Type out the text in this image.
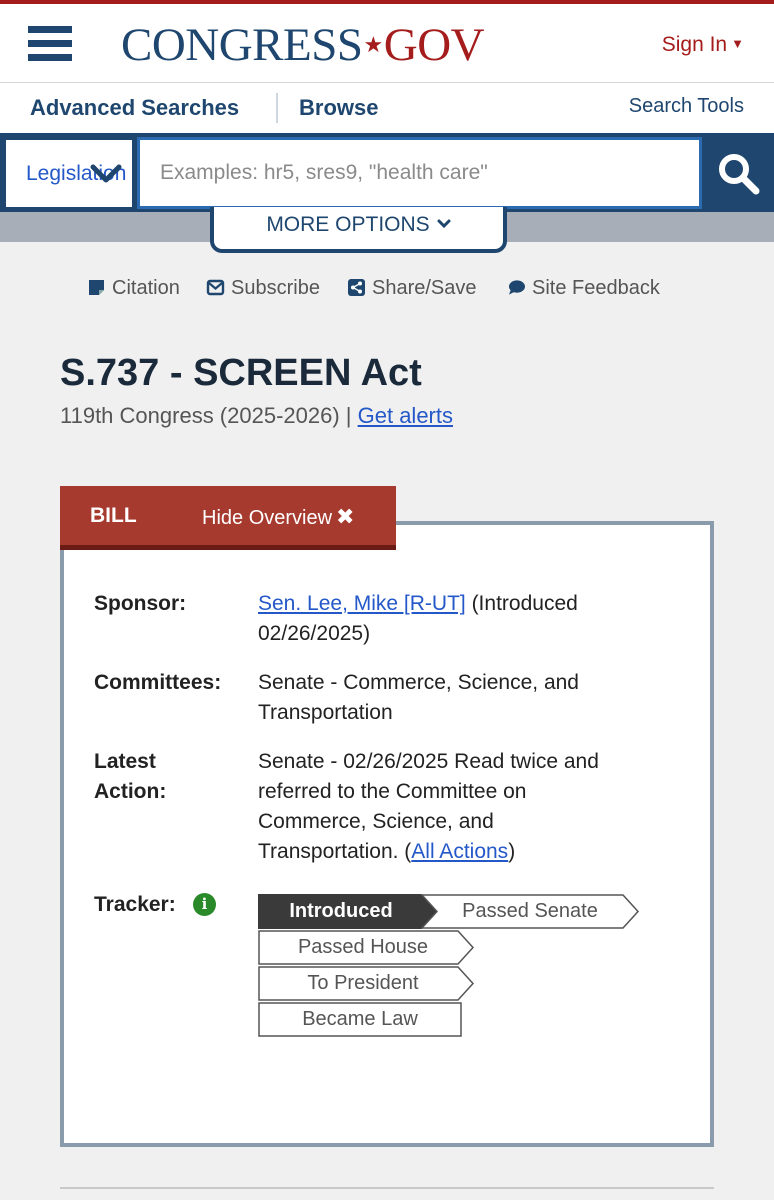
CONGRESS★GOV	Sign In ▼
Advanced Searches	Browse	Search Tools
Legislation
Examples: hr5, sres9, "health care"
MORE OPTIONS
Citation	Subscribe	Share/Save	Site Feedback
S.737 - SCREEN Act
119th Congress (2025-2026) | Get alerts
BILL	Hide Overview ✖
Sponsor:	Sen. Lee, Mike [R-UT] (Introduced
02/26/2025)
Committees: Senate - Commerce, Science, and
Transportation
Latest
Action:
Senate - 02/26/2025 Read twice and
referred to the Committee on
Commerce, Science, and
Transportation. (All Actions)
Tracker:	i	Introduced	Passed Senate
Passed House
To President
Became Law
